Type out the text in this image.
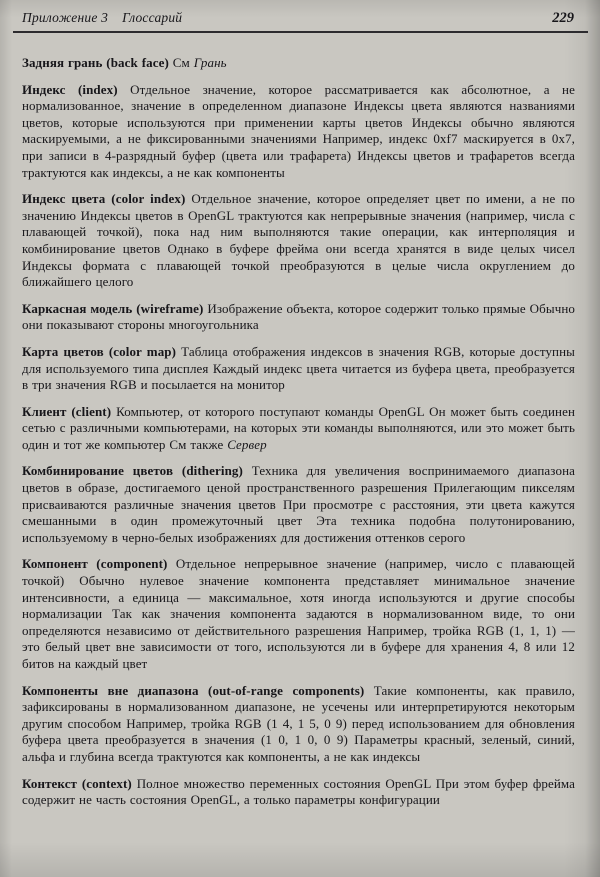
Приложение 3 Глоссарий	229

Задняя грань (back face) См Грань

Индекс (index) Отдельное значение, которое рассматривается как абсолютное, а не нормализованное, значение в определенном диапазоне Индексы цвета являются названиями цветов, которые используются при применении карты цветов Индексы обычно являются маскируемыми, а не фиксированными значениями Например, индекс 0xf7 маскируется в 0x7, при записи в 4-разрядный буфер (цвета или трафарета) Индексы цветов и трафаретов всегда трактуются как индексы, а не как компоненты

Индекс цвета (color index) Отдельное значение, которое определяет цвет по имени, а не по значению Индексы цветов в OpenGL трактуются как непрерывные значения (например, числа с плавающей точкой), пока над ним выполняются такие операции, как интерполяция и комбинирование цветов Однако в буфере фрейма они всегда хранятся в виде целых чисел Индексы формата с плавающей точкой преобразуются в целые числа округлением до ближайшего целого

Каркасная модель (wireframe) Изображение объекта, которое содержит только прямые Обычно они показывают стороны многоугольника

Карта цветов (color map) Таблица отображения индексов в значения RGB, которые доступны для используемого типа дисплея Каждый индекс цвета читается из буфера цвета, преобразуется в три значения RGB и посылается на монитор

Клиент (client) Компьютер, от которого поступают команды OpenGL Он может быть соединен сетью с различными компьютерами, на которых эти команды выполняются, или это может быть один и тот же компьютер См также Сервер

Комбинирование цветов (dithering) Техника для увеличения воспринимаемого диапазона цветов в образе, достигаемого ценой пространственного разрешения Прилегающим пикселям присваиваются различные значения цветов При просмотре с расстояния, эти цвета кажутся смешанными в один промежуточный цвет Эта техника подобна полутонированию, используемому в черно-белых изображениях для достижения оттенков серого

Компонент (component) Отдельное непрерывное значение (например, число с плавающей точкой) Обычно нулевое значение компонента представляет минимальное значение интенсивности, а единица — максимальное, хотя иногда используются и другие способы нормализации Так как значения компонента задаются в нормализованном виде, то они определяются независимо от действительного разрешения Например, тройка RGB (1, 1, 1) — это белый цвет вне зависимости от того, используются ли в буфере для хранения 4, 8 или 12 битов на каждый цвет

Компоненты вне диапазона (out-of-range components) Такие компоненты, как правило, зафиксированы в нормализованном диапазоне, не усечены или интерпретируются некоторым другим способом Например, тройка RGB (1 4, 1 5, 0 9) перед использованием для обновления буфера цвета преобразуется в значения (1 0, 1 0, 0 9) Параметры красный, зеленый, синий, альфа и глубина всегда трактуются как компоненты, а не как индексы

Контекст (context) Полное множество переменных состояния OpenGL При этом буфер фрейма содержит не часть состояния OpenGL, а только параметры конфигурации
